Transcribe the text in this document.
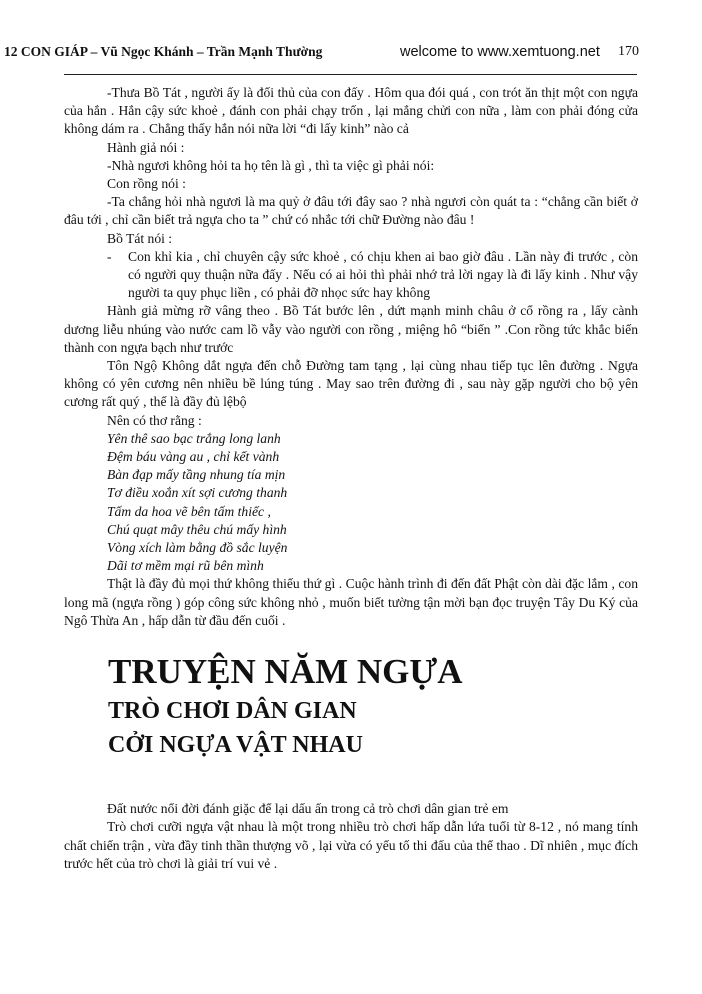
12 CON GIÁP – Vũ Ngọc Khánh – Trần Mạnh Thường	welcome to www.xemtuong.net 170

-Thưa Bồ Tát , người ấy là đối thủ của con đấy . Hôm qua đói quá , con trót ăn thịt một con ngựa của hắn . Hắn cậy sức khoẻ , đánh con phải chạy trốn , lại mắng chửi con nữa , làm con phải đóng cửa không dám ra . Chẳng thấy hắn nói nữa lời “đi lấy kinh” nào cả

Hành giả nói :

-Nhà ngươi không hỏi ta họ tên là gì , thì ta việc gì phải nói:

Con rồng nói :

-Ta chẳng hỏi nhà ngươi là ma quỷ ở đâu tới đây sao ? nhà ngươi còn quát ta : “chẳng cần biết ở đâu tới , chỉ cần biết trả ngựa cho ta ” chứ có nhắc tới chữ Đường nào đâu !

Bồ Tát nói :

- Con khỉ kia , chỉ chuyên cậy sức khoẻ , có chịu khen ai bao giờ đâu . Lần này đi trước , còn có người quy thuận nữa đấy . Nếu có ai hỏi thì phải nhớ trả lời ngay là đi lấy kinh . Như vậy người ta quy phục liền , có phải đỡ nhọc sức hay không

Hành giả mừng rỡ vâng theo . Bồ Tát bước lên , dứt mạnh minh châu ở cổ rồng ra , lấy cành dương liễu nhúng vào nước cam lồ vẫy vào người con rồng , miệng hô “biến ” .Con rồng tức khắc biến thành con ngựa bạch như trước

Tôn Ngộ Không dắt ngựa đến chỗ Đường tam tạng , lại cùng nhau tiếp tục lên đường . Ngựa không có yên cương nên nhiều bề lúng túng . May sao trên đường đi , sau này gặp người cho bộ yên cương rất quý , thế là đầy đủ lệbộ

Nên có thơ rằng :

Yên thê sao bạc trắng long lanh

Đệm báu vàng au , chỉ kết vành

Bàn đạp mấy tầng nhung tía mịn

Tơ điều xoắn xít sợi cương thanh

Tấm da hoa vẽ bên tấm thiếc ,

Chú quạt mây thêu chú mấy hình

Vòng xích làm bằng đồ sắc luyện

Dãi tơ mềm mại rũ bên mình

Thật là đầy đủ mọi thứ không thiếu thứ gì . Cuộc hành trình đi đến đất Phật còn dài đặc lắm , con long mã (ngựa rồng ) góp công sức không nhỏ , muốn biết tường tận mời bạn đọc truyện Tây Du Ký của Ngô Thừa An , hấp dẫn từ đầu đến cuối .

TRUYỆN NĂM NGỰA
TRÒ CHƠI DÂN GIAN
CỞI NGỰA VẬT NHAU

Đất nước nổi đời đánh giặc để lại dấu ấn trong cả trò chơi dân gian trẻ em

Trò chơi cưỡi ngựa vật nhau là một trong nhiều trò chơi hấp dẫn lứa tuổi từ 8-12 , nó mang tính chất chiến trận , vừa đầy tinh thần thượng võ , lại vừa có yếu tố thi đấu của thể thao . Dĩ nhiên , mục đích trước hết của trò chơi là giải trí vui vẻ .
